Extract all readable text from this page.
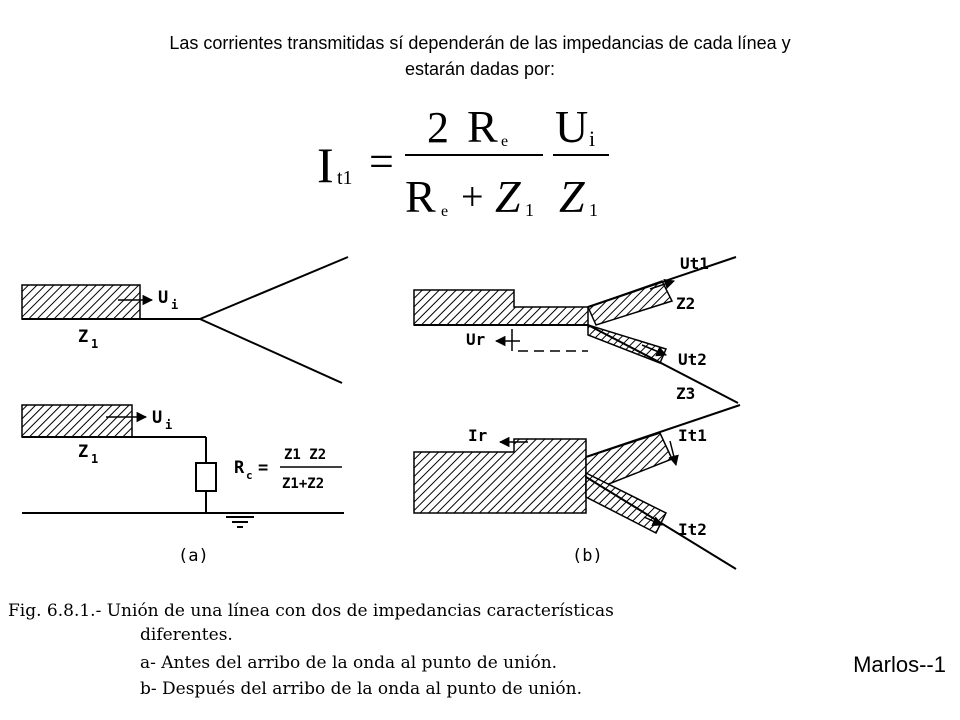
Las corrientes transmitidas sí dependerán de las impedancias de cada línea y
estarán dadas por:
I t1 =
2 R e
R e + Z 1
U i
Z 1
U i
Z 1
U i
Z 1	R c =
Z1 Z2
Z1+Z2
(a)
Ut1
Z2
Ur
Ut2
Z3
Ir	It1
It2
(b)
Fig. 6.8.1.- Unión de una línea con dos de impedancias características
diferentes.
a- Antes del arribo de la onda al punto de unión.
b- Después del arribo de la onda al punto de unión.
Marlos--1
